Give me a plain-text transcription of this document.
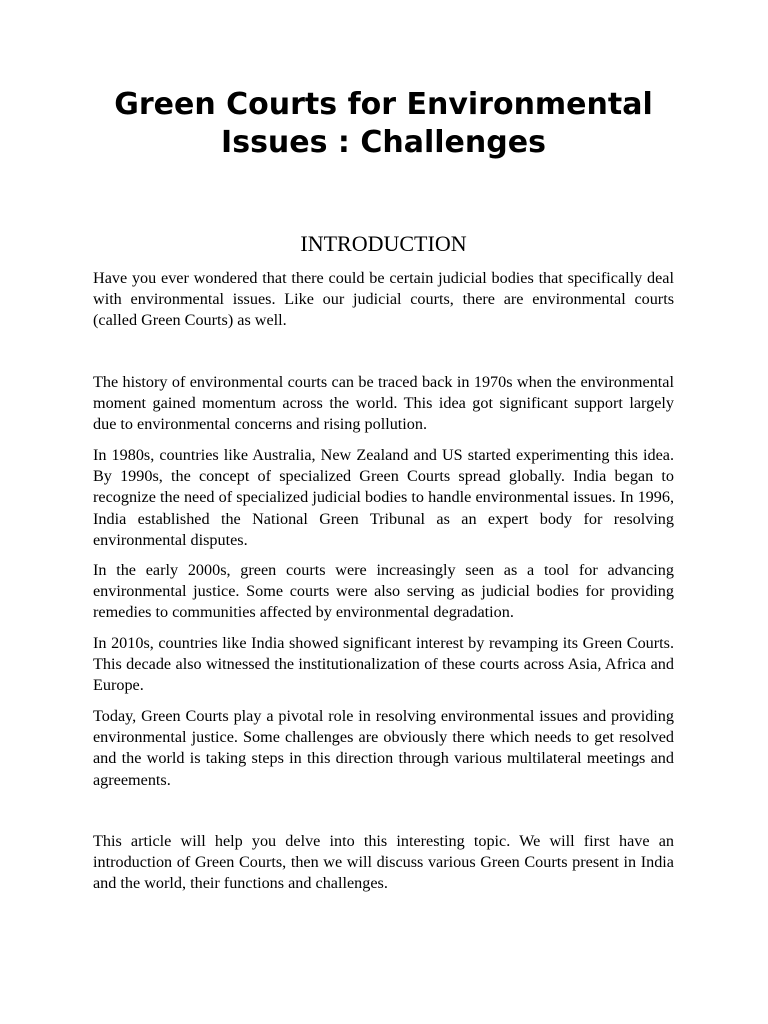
Green Courts for Environmental Issues : Challenges
INTRODUCTION

Have you ever wondered that there could be certain judicial bodies that specifically deal with environmental issues. Like our judicial courts, there are environmental courts (called Green Courts) as well.

The history of environmental courts can be traced back in 1970s when the environmental moment gained momentum across the world. This idea got significant support largely due to environmental concerns and rising pollution.

In 1980s, countries like Australia, New Zealand and US started experimenting this idea. By 1990s, the concept of specialized Green Courts spread globally. India began to recognize the need of specialized judicial bodies to handle environmental issues. In 1996, India established the National Green Tribunal as an expert body for resolving environmental disputes.

In the early 2000s, green courts were increasingly seen as a tool for advancing environmental justice. Some courts were also serving as judicial bodies for providing remedies to communities affected by environmental degradation.

In 2010s, countries like India showed significant interest by revamping its Green Courts. This decade also witnessed the institutionalization of these courts across Asia, Africa and Europe.

Today, Green Courts play a pivotal role in resolving environmental issues and providing environmental justice. Some challenges are obviously there which needs to get resolved and the world is taking steps in this direction through various multilateral meetings and agreements.

This article will help you delve into this interesting topic. We will first have an introduction of Green Courts, then we will discuss various Green Courts present in India and the world, their functions and challenges.
